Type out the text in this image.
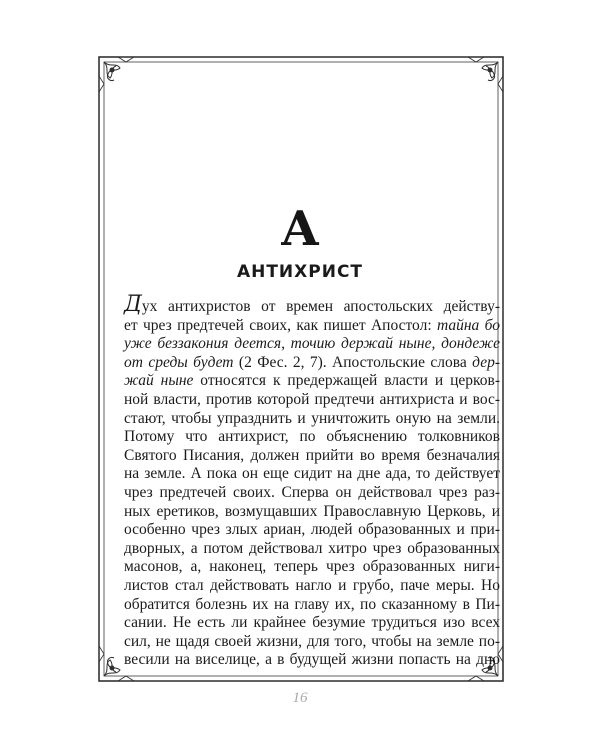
А
АНТИХРИСТ
Дух антихристов от времен апостольских действу-
ет чрез предтечей своих, как пишет Апостол: тайна бо
уже беззакония деется, точию держай ныне, дондеже
от среды будет (2 Фес. 2, 7). Апостольские слова дер-
жай ныне относятся к предержащей власти и церков-
ной власти, против которой предтечи антихриста и вос-
стают, чтобы упразднить и уничтожить оную на земли.
Потому что антихрист, по объяснению толковников
Святого Писания, должен прийти во время безначалия
на земле. А пока он еще сидит на дне ада, то действует
чрез предтечей своих. Сперва он действовал чрез раз-
ных еретиков, возмущавших Православную Церковь, и
особенно чрез злых ариан, людей образованных и при-
дворных, а потом действовал хитро чрез образованных
масонов, а, наконец, теперь чрез образованных ниги-
листов стал действовать нагло и грубо, паче меры. Но
обратится болезнь их на главу их, по сказанному в Пи-
сании. Не есть ли крайнее безумие трудиться изо всех
сил, не щадя своей жизни, для того, чтобы на земле по-
весили на виселице, а в будущей жизни попасть на дно
16
